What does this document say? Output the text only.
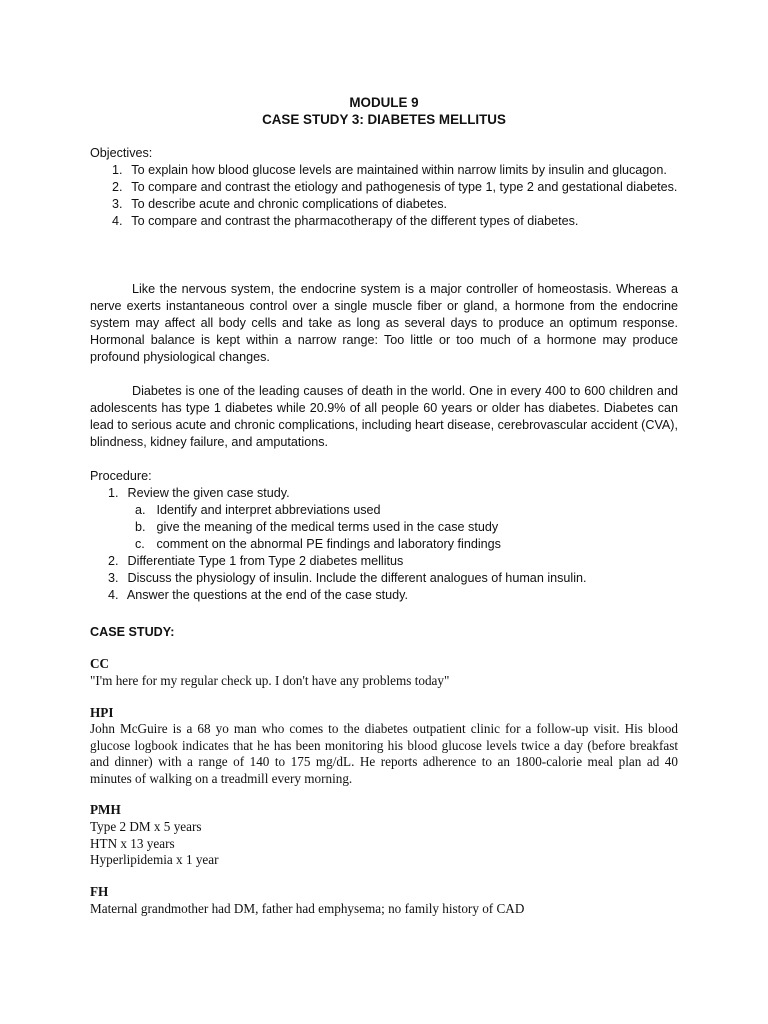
MODULE 9
CASE STUDY 3: DIABETES MELLITUS
Objectives:
1. To explain how blood glucose levels are maintained within narrow limits by insulin and glucagon.
2. To compare and contrast the etiology and pathogenesis of type 1, type 2 and gestational diabetes.
3. To describe acute and chronic complications of diabetes.
4. To compare and contrast the pharmacotherapy of the different types of diabetes.

Like the nervous system, the endocrine system is a major controller of homeostasis. Whereas a nerve exerts instantaneous control over a single muscle fiber or gland, a hormone from the endocrine system may affect all body cells and take as long as several days to produce an optimum response. Hormonal balance is kept within a narrow range: Too little or too much of a hormone may produce profound physiological changes.

Diabetes is one of the leading causes of death in the world. One in every 400 to 600 children and adolescents has type 1 diabetes while 20.9% of all people 60 years or older has diabetes. Diabetes can lead to serious acute and chronic complications, including heart disease, cerebrovascular accident (CVA), blindness, kidney failure, and amputations.

Procedure:
1. Review the given case study.
a. Identify and interpret abbreviations used
b. give the meaning of the medical terms used in the case study
c. comment on the abnormal PE findings and laboratory findings
2. Differentiate Type 1 from Type 2 diabetes mellitus
3. Discuss the physiology of insulin. Include the different analogues of human insulin.
4. Answer the questions at the end of the case study.
CASE STUDY:
CC
"I'm here for my regular check up. I don't have any problems today"
HPI
John McGuire is a 68 yo man who comes to the diabetes outpatient clinic for a follow-up visit. His blood glucose logbook indicates that he has been monitoring his blood glucose levels twice a day (before breakfast and dinner) with a range of 140 to 175 mg/dL. He reports adherence to an 1800-calorie meal plan ad 40 minutes of walking on a treadmill every morning.
PMH
Type 2 DM x 5 years
HTN x 13 years
Hyperlipidemia x 1 year
FH
Maternal grandmother had DM, father had emphysema; no family history of CAD
